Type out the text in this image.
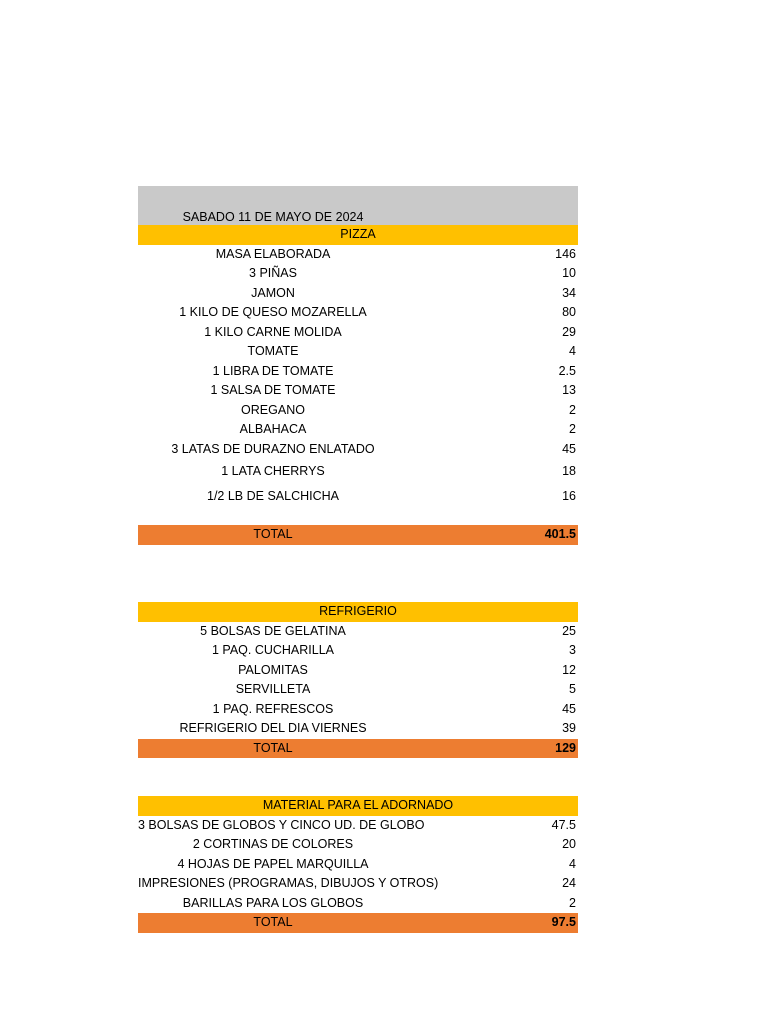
SABADO 11 DE MAYO DE 2024
PIZZA
MASA ELABORADA	146
3 PIÑAS	10
JAMON	34
1 KILO DE QUESO MOZARELLA	80
1 KILO CARNE MOLIDA	29
TOMATE	4
1 LIBRA DE TOMATE	2.5
1 SALSA DE TOMATE	13
OREGANO	2
ALBAHACA	2
3 LATAS DE DURAZNO ENLATADO	45
1 LATA CHERRYS	18
1/2 LB DE SALCHICHA	16
TOTAL	401.5
REFRIGERIO
5 BOLSAS DE GELATINA	25
1 PAQ. CUCHARILLA	3
PALOMITAS	12
SERVILLETA	5
1 PAQ. REFRESCOS	45
REFRIGERIO DEL DIA VIERNES	39
TOTAL	129
MATERIAL PARA EL ADORNADO
3 BOLSAS DE GLOBOS Y CINCO UD. DE GLOBO	47.5
2 CORTINAS DE COLORES	20
4 HOJAS DE PAPEL MARQUILLA	4
IMPRESIONES (PROGRAMAS, DIBUJOS Y OTROS)	24
BARILLAS PARA LOS GLOBOS	2
TOTAL	97.5
